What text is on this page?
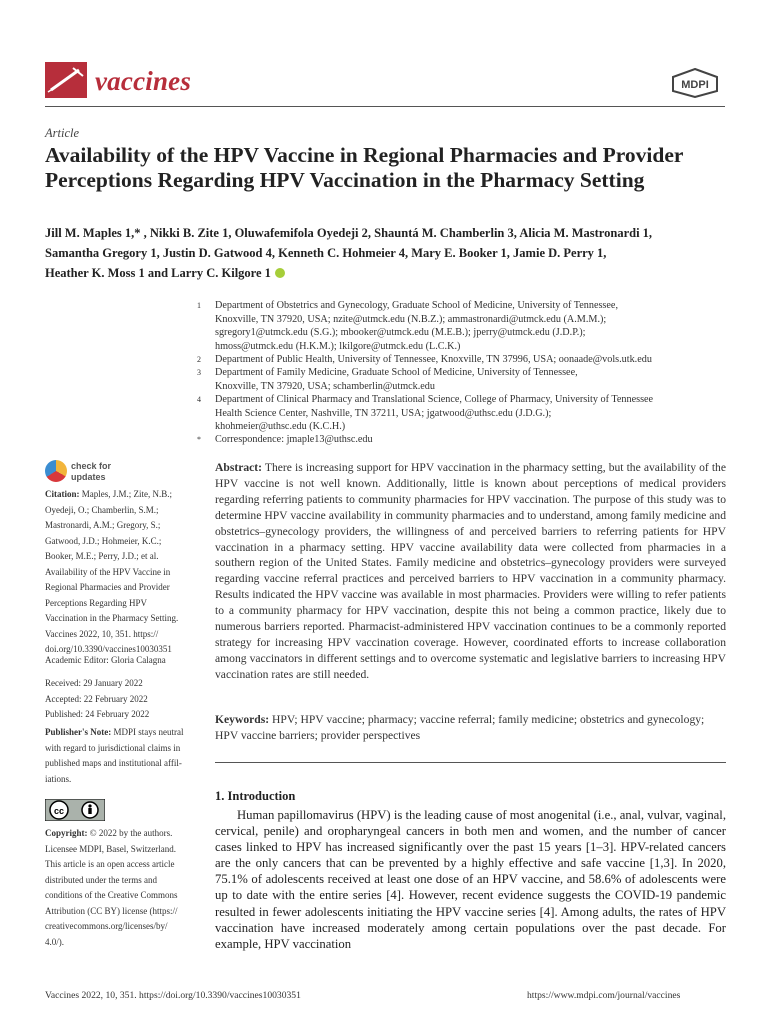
vaccines	MDPI
Article
Availability of the HPV Vaccine in Regional Pharmacies and Provider Perceptions Regarding HPV Vaccination in the Pharmacy Setting
Jill M. Maples 1,* , Nikki B. Zite 1, Oluwafemifola Oyedeji 2, Shauntá M. Chamberlin 3, Alicia M. Mastronardi 1,
Samantha Gregory 1, Justin D. Gatwood 4, Kenneth C. Hohmeier 4, Mary E. Booker 1, Jamie D. Perry 1,
Heather K. Moss 1 and Larry C. Kilgore 1
1 Department of Obstetrics and Gynecology, Graduate School of Medicine, University of Tennessee,
Knoxville, TN 37920, USA; nzite@utmck.edu (N.B.Z.); ammastronardi@utmck.edu (A.M.M.);
sgregory1@utmck.edu (S.G.); mbooker@utmck.edu (M.E.B.); jperry@utmck.edu (J.D.P.);
hmoss@utmck.edu (H.K.M.); lkilgore@utmck.edu (L.C.K.)
2 Department of Public Health, University of Tennessee, Knoxville, TN 37996, USA; oonaade@vols.utk.edu
3 Department of Family Medicine, Graduate School of Medicine, University of Tennessee,
Knoxville, TN 37920, USA; schamberlin@utmck.edu
4 Department of Clinical Pharmacy and Translational Science, College of Pharmacy, University of Tennessee
Health Science Center, Nashville, TN 37211, USA; jgatwood@uthsc.edu (J.D.G.);
khohmeier@uthsc.edu (K.C.H.)
* Correspondence: jmaple13@uthsc.edu
check for
updates
Citation: Maples, J.M.; Zite, N.B.;
Oyedeji, O.; Chamberlin, S.M.;
Mastronardi, A.M.; Gregory, S.;
Gatwood, J.D.; Hohmeier, K.C.;
Booker, M.E.; Perry, J.D.; et al.
Availability of the HPV Vaccine in
Regional Pharmacies and Provider
Perceptions Regarding HPV
Vaccination in the Pharmacy Setting.
Vaccines 2022, 10, 351. https://
doi.org/10.3390/vaccines10030351
Academic Editor: Gloria Calagna
Received: 29 January 2022
Accepted: 22 February 2022
Published: 24 February 2022
Publisher's Note: MDPI stays neutral
with regard to jurisdictional claims in
published maps and institutional affil-
iations.
cc
Copyright: © 2022 by the authors.
Licensee MDPI, Basel, Switzerland.
This article is an open access article
distributed under the terms and
conditions of the Creative Commons
Attribution (CC BY) license (https://
creativecommons.org/licenses/by/
4.0/).
Abstract: There is increasing support for HPV vaccination in the pharmacy setting, but the availability of the HPV vaccine is not well known. Additionally, little is known about perceptions of medical providers regarding referring patients to community pharmacies for HPV vaccination. The purpose of this study was to determine HPV vaccine availability in community pharmacies and to understand, among family medicine and obstetrics–gynecology providers, the willingness of and perceived barriers to referring patients for HPV vaccination in a pharmacy setting. HPV vaccine availability data were collected from pharmacies in a southern region of the United States. Family medicine and obstetrics–gynecology providers were surveyed regarding vaccine referral practices and perceived barriers to HPV vaccination in a community pharmacy. Results indicated the HPV vaccine was available in most pharmacies. Providers were willing to refer patients to a community pharmacy for HPV vaccination, despite this not being a common practice, likely due to numerous barriers reported. Pharmacist-administered HPV vaccination continues to be a commonly reported strategy for increasing HPV vaccination coverage. However, coordinated efforts to increase collaboration among vaccinators in different settings and to overcome systematic and legislative barriers to increasing HPV vaccination rates are still needed.
Keywords: HPV; HPV vaccine; pharmacy; vaccine referral; family medicine; obstetrics and gynecology; HPV vaccine barriers; provider perspectives
1. Introduction
Human papillomavirus (HPV) is the leading cause of most anogenital (i.e., anal, vulvar, vaginal, cervical, penile) and oropharyngeal cancers in both men and women, and the number of cancer cases linked to HPV has increased significantly over the past 15 years [1–3]. HPV-related cancers are the only cancers that can be prevented by a highly effective and safe vaccine [1,3]. In 2020, 75.1% of adolescents received at least one dose of an HPV vaccine, and 58.6% of adolescents were up to date with the entire series [4]. However, recent evidence suggests the COVID-19 pandemic resulted in fewer adolescents initiating the HPV vaccine series [4]. Among adults, the rates of HPV vaccination have increased moderately among certain populations over the past decade. For example, HPV vaccination
Vaccines 2022, 10, 351. https://doi.org/10.3390/vaccines10030351	https://www.mdpi.com/journal/vaccines
